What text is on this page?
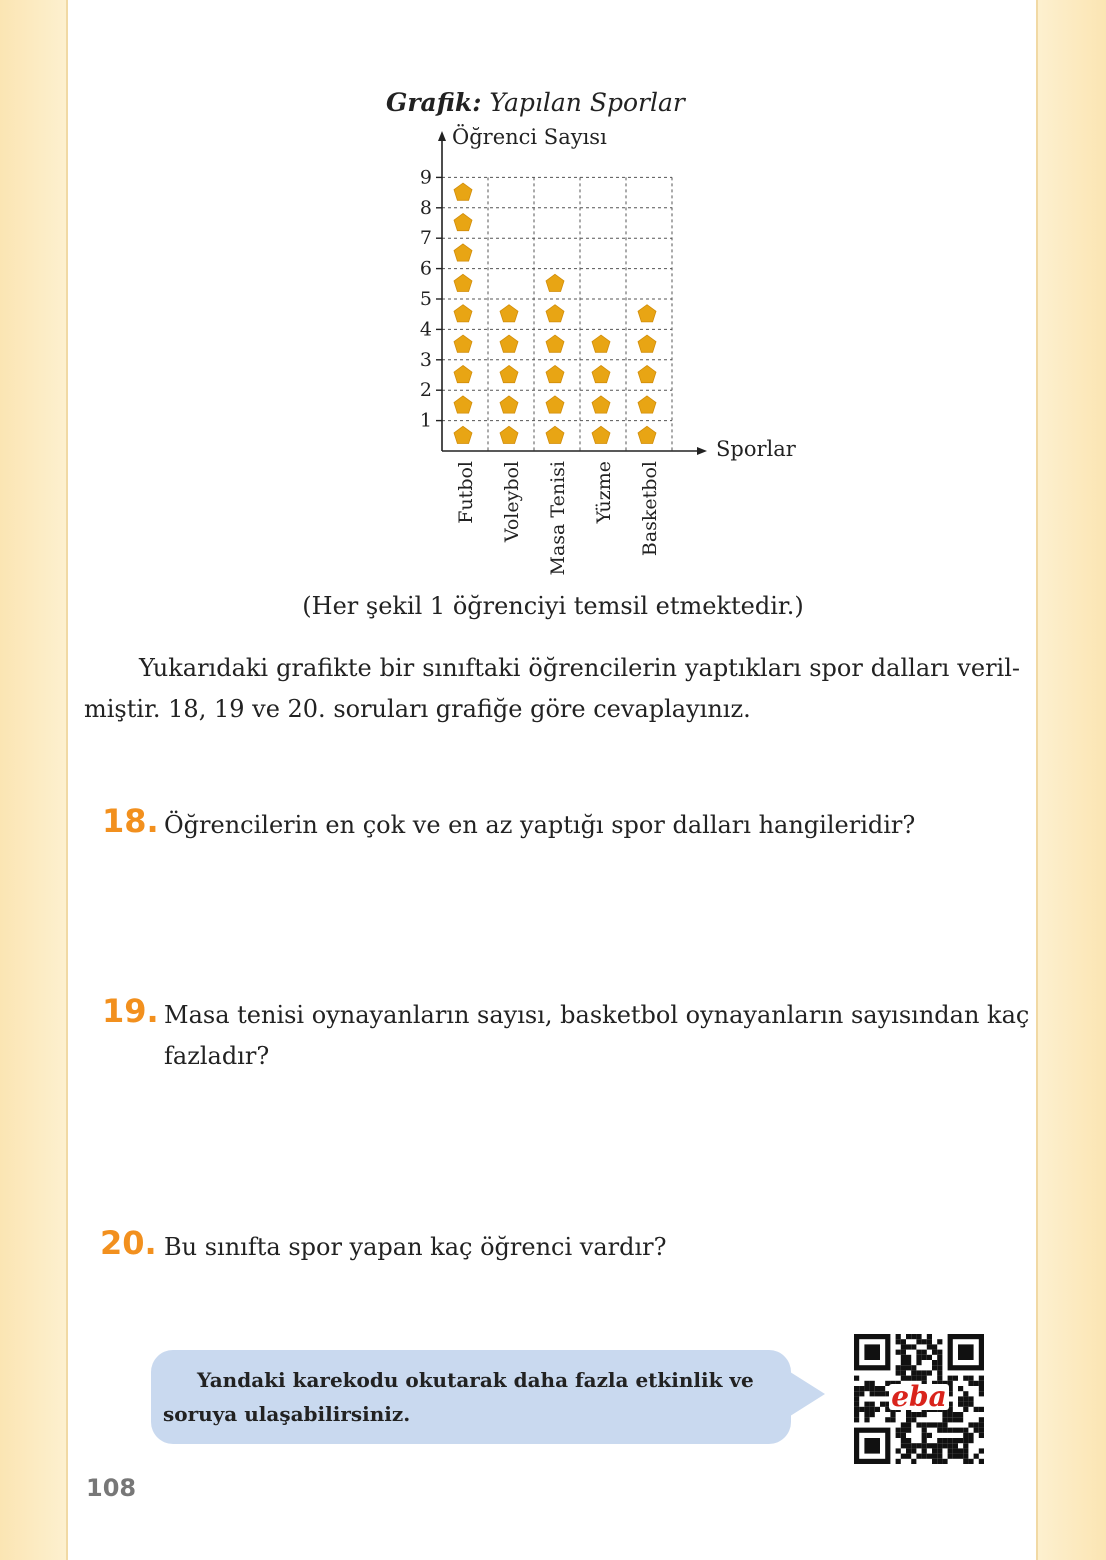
Grafik: Yapılan Sporlar
Öğrenci Sayısı
Sporlar
1
2
3
4
5
6
7
8
9
Futbol Voleybol Masa Tenisi Yüzme Basketbol
(Her şekil 1 öğrenciyi temsil etmektedir.)
Yukarıdaki grafikte bir sınıftaki öğrencilerin yaptıkları spor dalları veril-miştir. 18, 19 ve 20. soruları grafiğe göre cevaplayınız.
18. Öğrencilerin en çok ve en az yaptığı spor dalları hangileridir?
19. Masa tenisi oynayanların sayısı, basketbol oynayanların sayısından kaç
fazladır?
20. Bu sınıfta spor yapan kaç öğrenci vardır?
Yandaki karekodu okutarak daha fazla etkinlik ve
soruya ulaşabilirsiniz.
eba
108
